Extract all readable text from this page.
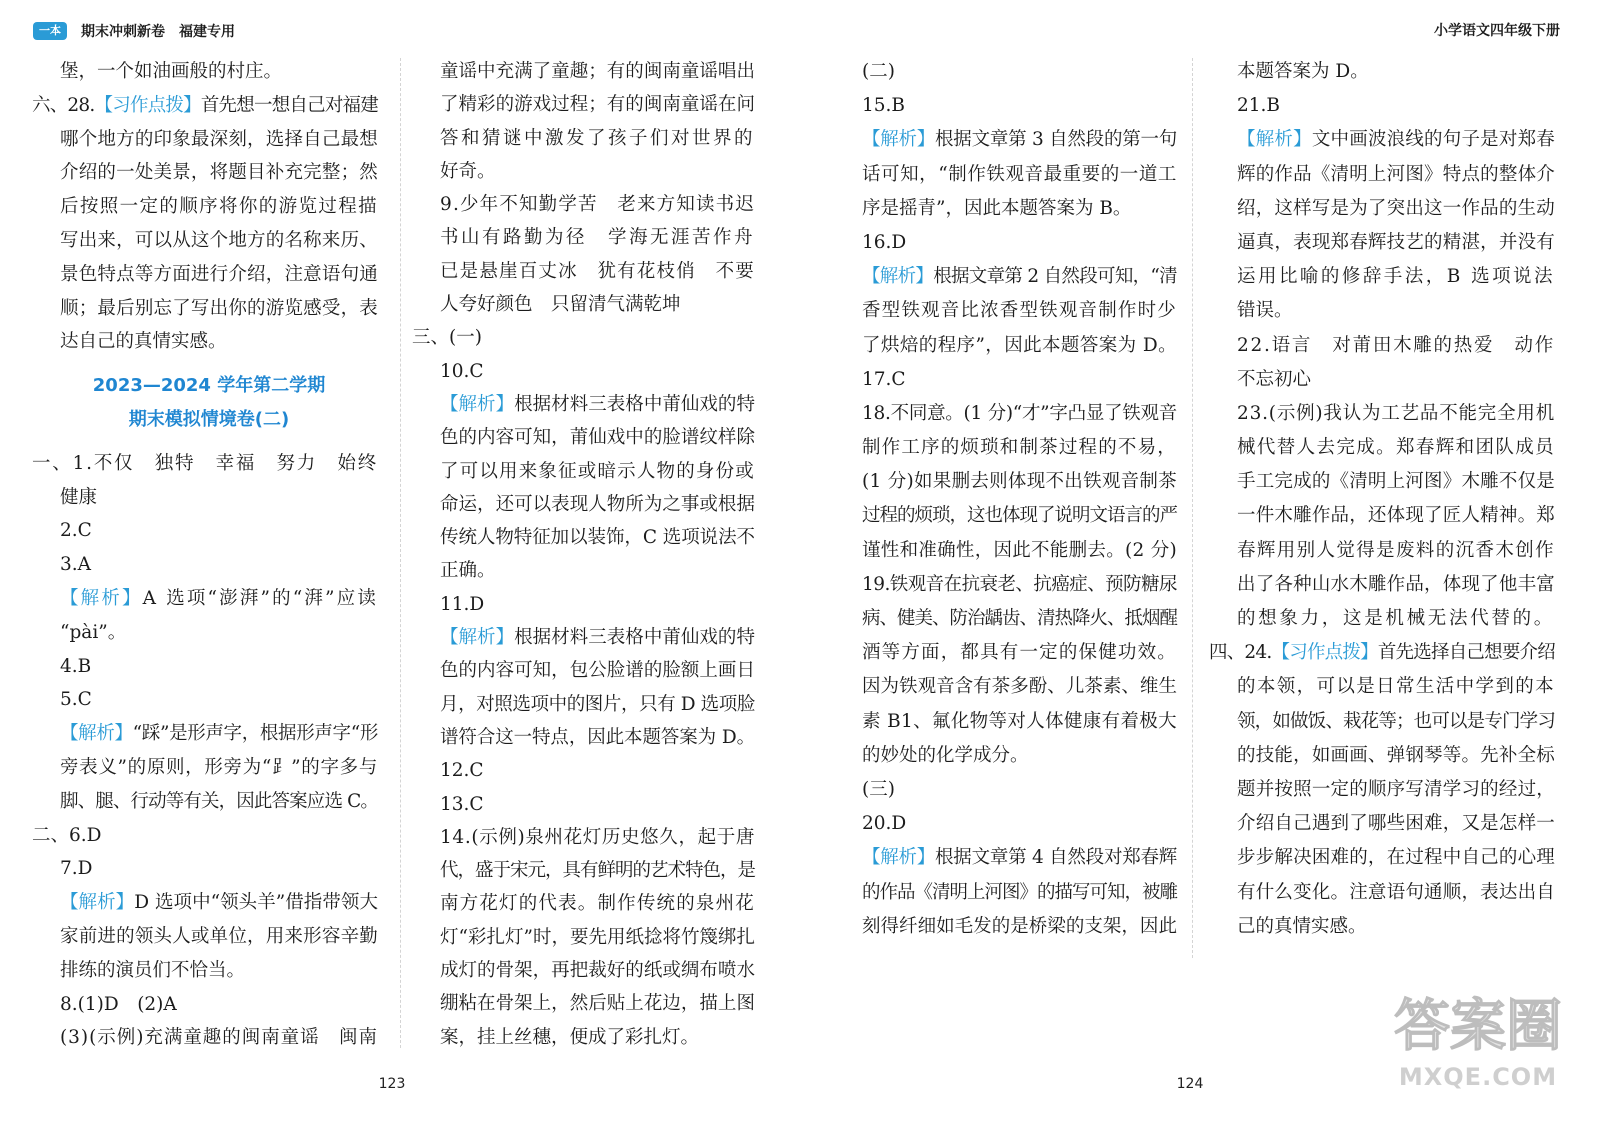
一本	期末冲刺新卷 福建专用	小学语文四年级下册
堡，一个如油画般的村庄。
六、28.【习作点拨】首先想一想自己对福建
哪个地方的印象最深刻，选择自己最想
介绍的一处美景，将题目补充完整；然
后按照一定的顺序将你的游览过程描
写出来，可以从这个地方的名称来历、
景色特点等方面进行介绍，注意语句通
顺；最后别忘了写出你的游览感受，表
达自己的真情实感。
2023—2024 学年第二学期
期末模拟情境卷(二)
一、1.不仅　独特　幸福　努力　始终
健康
2.C
3.A
【解析】A 选项“澎湃”的“湃”应读
“pài”。
4.B
5.C
【解析】“踩”是形声字，根据形声字“形
旁表义”的原则，形旁为“⻊”的字多与
脚、腿、行动等有关，因此答案应选 C。
二、6.D
7.D
【解析】D 选项中“领头羊”借指带领大
家前进的领头人或单位，用来形容辛勤
排练的演员们不恰当。
8.(1)D　(2)A
(3)(示例)充满童趣的闽南童谣　闽南
童谣中充满了童趣；有的闽南童谣唱出
了精彩的游戏过程；有的闽南童谣在问
答和猜谜中激发了孩子们对世界的
好奇。
9.少年不知勤学苦　老来方知读书迟
书山有路勤为径　学海无涯苦作舟
已是悬崖百丈冰　犹有花枝俏　不要
人夸好颜色　只留清气满乾坤
三、(一)
10.C
【解析】根据材料三表格中莆仙戏的特
色的内容可知，莆仙戏中的脸谱纹样除
了可以用来象征或暗示人物的身份或
命运，还可以表现人物所为之事或根据
传统人物特征加以装饰，C 选项说法不
正确。
11.D
【解析】根据材料三表格中莆仙戏的特
色的内容可知，包公脸谱的脸额上画日
月，对照选项中的图片，只有 D 选项脸
谱符合这一特点，因此本题答案为 D。
12.C
13.C
14.(示例)泉州花灯历史悠久，起于唐
代，盛于宋元，具有鲜明的艺术特色，是
南方花灯的代表。制作传统的泉州花
灯“彩扎灯”时，要先用纸捻将竹篾绑扎
成灯的骨架，再把裁好的纸或绸布喷水
绷粘在骨架上，然后贴上花边，描上图
案，挂上丝穗，便成了彩扎灯。
(二)
15.B
【解析】根据文章第 3 自然段的第一句
话可知，“制作铁观音最重要的一道工
序是摇青”，因此本题答案为 B。
16.D
【解析】根据文章第 2 自然段可知，“清
香型铁观音比浓香型铁观音制作时少
了烘焙的程序”，因此本题答案为 D。
17.C
18.不同意。(1 分)“才”字凸显了铁观音
制作工序的烦琐和制茶过程的不易，
(1 分)如果删去则体现不出铁观音制茶
过程的烦琐，这也体现了说明文语言的严
谨性和准确性，因此不能删去。(2 分)
19.铁观音在抗衰老、抗癌症、预防糖尿
病、健美、防治龋齿、清热降火、抵烟醒
酒等方面，都具有一定的保健功效。
因为铁观音含有茶多酚、儿茶素、维生
素 B1、氟化物等对人体健康有着极大
的妙处的化学成分。
(三)
20.D
【解析】根据文章第 4 自然段对郑春辉
的作品《清明上河图》的描写可知，被雕
刻得纤细如毛发的是桥梁的支架，因此
本题答案为 D。
21.B
【解析】文中画波浪线的句子是对郑春
辉的作品《清明上河图》特点的整体介
绍，这样写是为了突出这一作品的生动
逼真，表现郑春辉技艺的精湛，并没有
运用比喻的修辞手法，B 选项说法
错误。
22.语言　对莆田木雕的热爱　动作
不忘初心
23.(示例)我认为工艺品不能完全用机
械代替人去完成。郑春辉和团队成员
手工完成的《清明上河图》木雕不仅是
一件木雕作品，还体现了匠人精神。郑
春辉用别人觉得是废料的沉香木创作
出了各种山水木雕作品，体现了他丰富
的想象力，这是机械无法代替的。
四、24.【习作点拨】首先选择自己想要介绍
的本领，可以是日常生活中学到的本
领，如做饭、栽花等；也可以是专门学习
的技能，如画画、弹钢琴等。先补全标
题并按照一定的顺序写清学习的经过，
介绍自己遇到了哪些困难，又是怎样一
步步解决困难的，在过程中自己的心理
有什么变化。注意语句通顺，表达出自
己的真情实感。
123	124
答案圈
MXQE.COM
